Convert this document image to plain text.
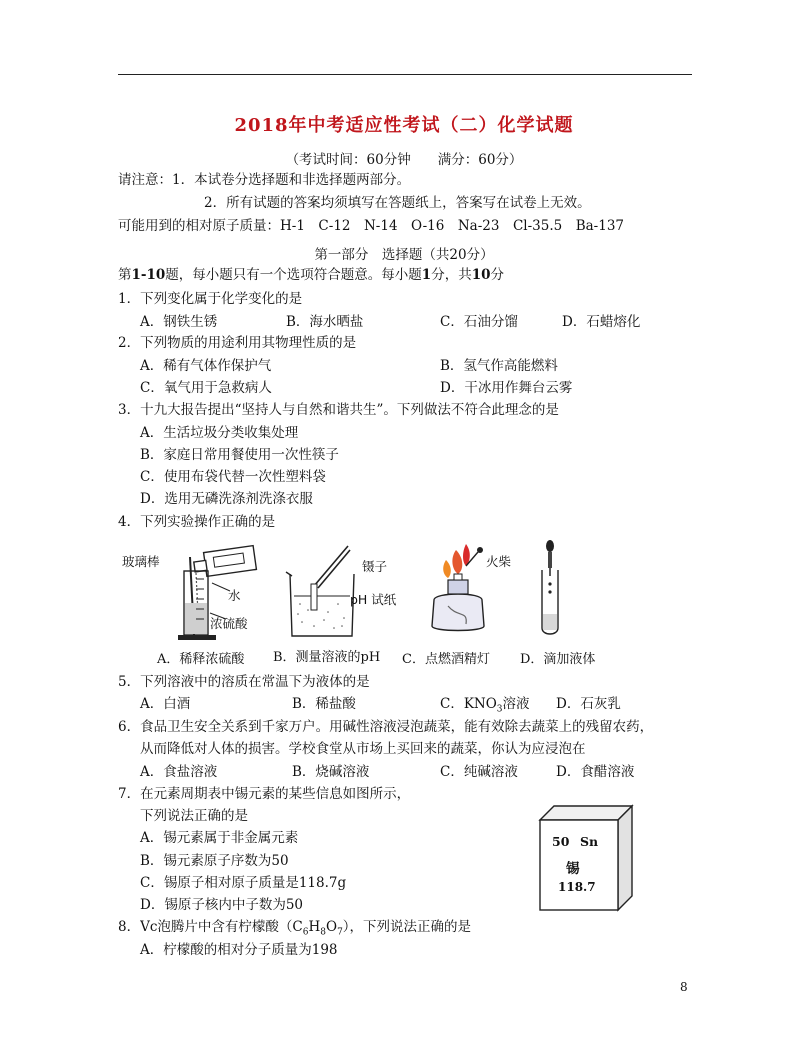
2018年中考适应性考试（二）化学试题
（考试时间：60分钟　　满分：60分）
请注意：1．本试卷分选择题和非选择题两部分。
2．所有试题的答案均须填写在答题纸上，答案写在试卷上无效。
可能用到的相对原子质量：H-1　C-12　N-14　O-16　Na-23　Cl-35.5　Ba-137
第一部分　选择题（共20分）
第1-10题，每小题只有一个选项符合题意。每小题1分，共10分
1．下列变化属于化学变化的是
A．钢铁生锈	B．海水晒盐	C．石油分馏	D．石蜡熔化
2．下列物质的用途利用其物理性质的是
A．稀有气体作保护气	B．氢气作高能燃料
C．氧气用于急救病人	D．干冰用作舞台云雾
3．十九大报告提出“坚持人与自然和谐共生”。下列做法不符合此理念的是
A．生活垃圾分类收集处理
B．家庭日常用餐使用一次性筷子
C．使用布袋代替一次性塑料袋
D．选用无磷洗涤剂洗涤衣服
4．下列实验操作正确的是
玻璃棒
水
浓硫酸
镊子
pH 试纸
火柴
A．稀释浓硫酸 B．测量溶液的pH C．点燃酒精灯 D．滴加液体
5．下列溶液中的溶质在常温下为液体的是
A．白酒	B．稀盐酸	C．$KNO_3$溶液 D．石灰乳
6．食品卫生安全关系到千家万户。用碱性溶液浸泡蔬菜，能有效除去蔬菜上的残留农药，
从而降低对人体的损害。学校食堂从市场上买回来的蔬菜，你认为应浸泡在
A．食盐溶液	B．烧碱溶液	C．纯碱溶液	D．食醋溶液
7．在元素周期表中锡元素的某些信息如图所示，
下列说法正确的是
A．锡元素属于非金属元素
B．锡元素原子序数为50
C．锡原子相对原子质量是118.7g
D．锡原子核内中子数为50
50 Sn
锡
118.7
8．Vc泡腾片中含有柠檬酸$(C_6H_8O_7)$，下列说法正确的是
A．柠檬酸的相对分子质量为198
8
